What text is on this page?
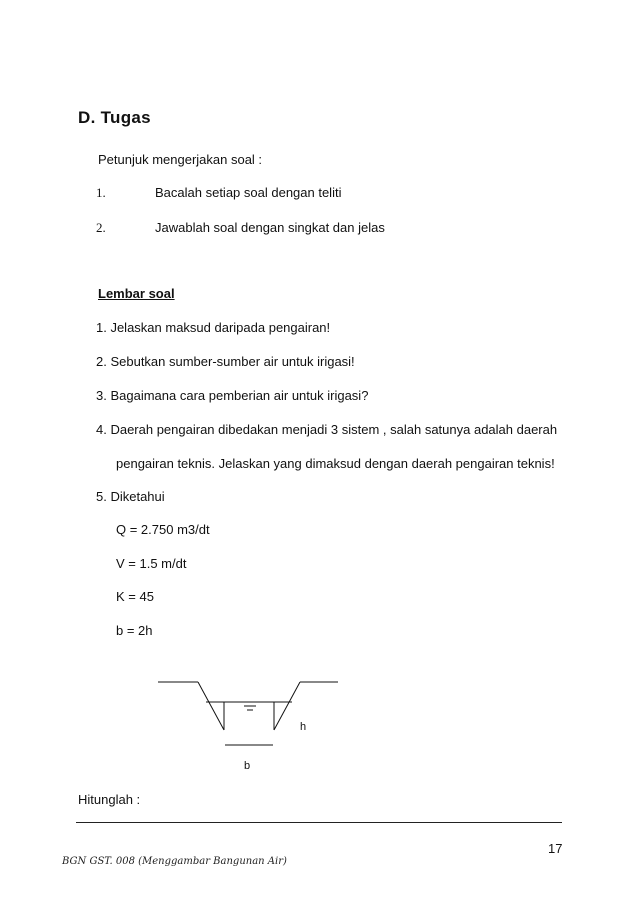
D. Tugas
Petunjuk mengerjakan soal :
1.	Bacalah setiap soal dengan teliti
2.	Jawablah soal dengan singkat dan jelas
Lembar soal
1. Jelaskan maksud daripada pengairan!
2. Sebutkan sumber-sumber air untuk irigasi!
3. Bagaimana cara pemberian air untuk irigasi?
4. Daerah pengairan dibedakan menjadi 3 sistem , salah satunya adalah daerah
pengairan teknis. Jelaskan yang dimaksud dengan daerah pengairan teknis!
5. Diketahui
Q = 2.750 m3/dt
V = 1.5 m/dt
K = 45
b = 2h
h
b
Hitunglah :
17
BGN GST. 008 (Menggambar Bangunan Air)
